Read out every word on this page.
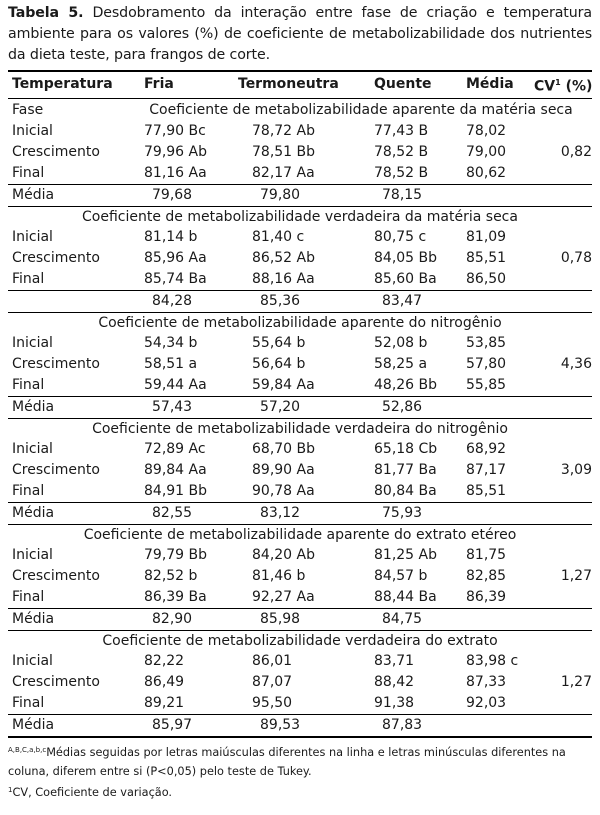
Tabela 5. Desdobramento da interação entre fase de criação e temperatura ambiente para os valores (%) de coeficiente de metabolizabilidade dos nutrientes da dieta teste, para frangos de corte.

Temperatura	Fria	Termoneutra	Quente	Média	$CV^1$ (%)
Fase	Coeficiente de metabolizabilidade aparente da matéria seca				
Inicial	77,90 Bc	78,72 Ab	77,43 B	78,02	0,82
Crescimento	79,96 Ab	78,51 Bb	78,52 B	79,00	
Final	81,16 Aa	82,17 Aa	78,52 B	80,62	
Média	79,68	79,80	78,15		
Coeficiente de metabolizabilidade verdadeira da matéria seca					
Inicial	81,14 b	81,40 c	80,75 c	81,09	0,78
Crescimento	85,96 Aa	86,52 Ab	84,05 Bb	85,51	
Final	85,74 Ba	88,16 Aa	85,60 Ba	86,50	
	84,28	85,36	83,47		
Coeficiente de metabolizabilidade aparente do nitrogênio					
Inicial	54,34 b	55,64 b	52,08 b	53,85	4,36
Crescimento	58,51 a	56,64 b	58,25 a	57,80	
Final	59,44 Aa	59,84 Aa	48,26 Bb	55,85	
Média	57,43	57,20	52,86		
Coeficiente de metabolizabilidade verdadeira do nitrogênio					
Inicial	72,89 Ac	68,70 Bb	65,18 Cb	68,92	3,09
Crescimento	89,84 Aa	89,90 Aa	81,77 Ba	87,17	
Final	84,91 Bb	90,78 Aa	80,84 Ba	85,51	
Média	82,55	83,12	75,93		
Coeficiente de metabolizabilidade aparente do extrato etéreo					
Inicial	79,79 Bb	84,20 Ab	81,25 Ab	81,75	1,27
Crescimento	82,52 b	81,46 b	84,57 b	82,85	
Final	86,39 Ba	92,27 Aa	88,44 Ba	86,39	
Média	82,90	85,98	84,75		
Coeficiente de metabolizabilidade verdadeira do extrato					
Inicial	82,22	86,01	83,71	83,98 c	1,27
Crescimento	86,49	87,07	88,42	87,33	
Final	89,21	95,50	91,38	92,03	
Média	85,97	89,53	87,83		
$^{A,B,C,a,b,c}$Médias seguidas por letras maiúsculas diferentes na linha e letras minúsculas diferentes na coluna, diferem entre si (P<0,05) pelo teste de Tukey.
$^1$CV, Coeficiente de variação.
